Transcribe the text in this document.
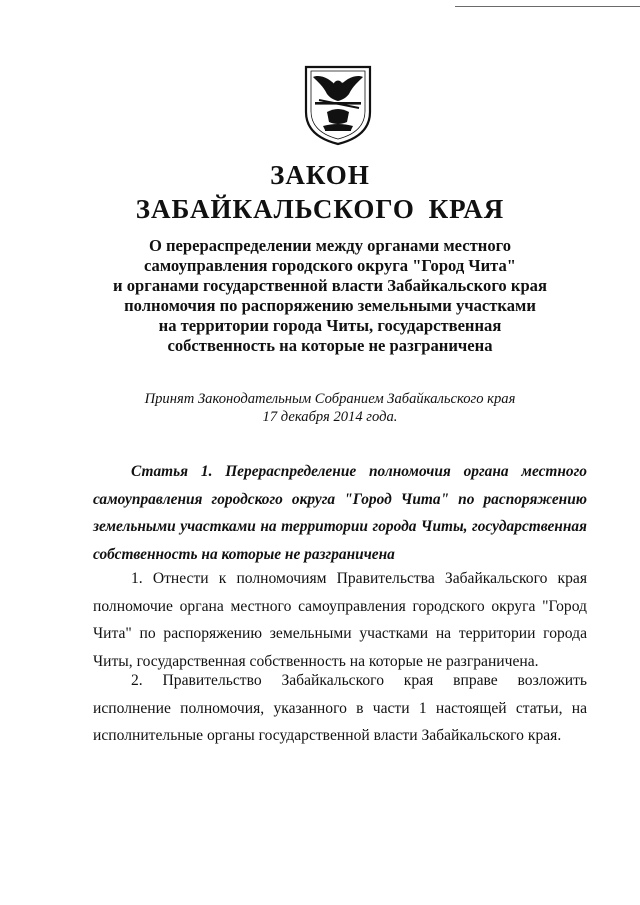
ЗАКОН
ЗАБАЙКАЛЬСКОГО КРАЯ
О перераспределении между органами местного
самоуправления городского округа "Город Чита"
и органами государственной власти Забайкальского края
полномочия по распоряжению земельными участками
на территории города Читы, государственная
собственность на которые не разграничена
Принят Законодательным Собранием Забайкальского края
17 декабря 2014 года.
Статья 1. Перераспределение полномочия органа местного самоуправления городского округа "Город Чита" по распоряжению земельными участками на территории города Читы, государственная собственность на которые не разграничена
1. Отнести к полномочиям Правительства Забайкальского края полномочие органа местного самоуправления городского округа "Город Чита" по распоряжению земельными участками на территории города Читы, государственная собственность на которые не разграничена.
2. Правительство Забайкальского края вправе возложить исполнение полномочия, указанного в части 1 настоящей статьи, на исполнительные органы государственной власти Забайкальского края.
